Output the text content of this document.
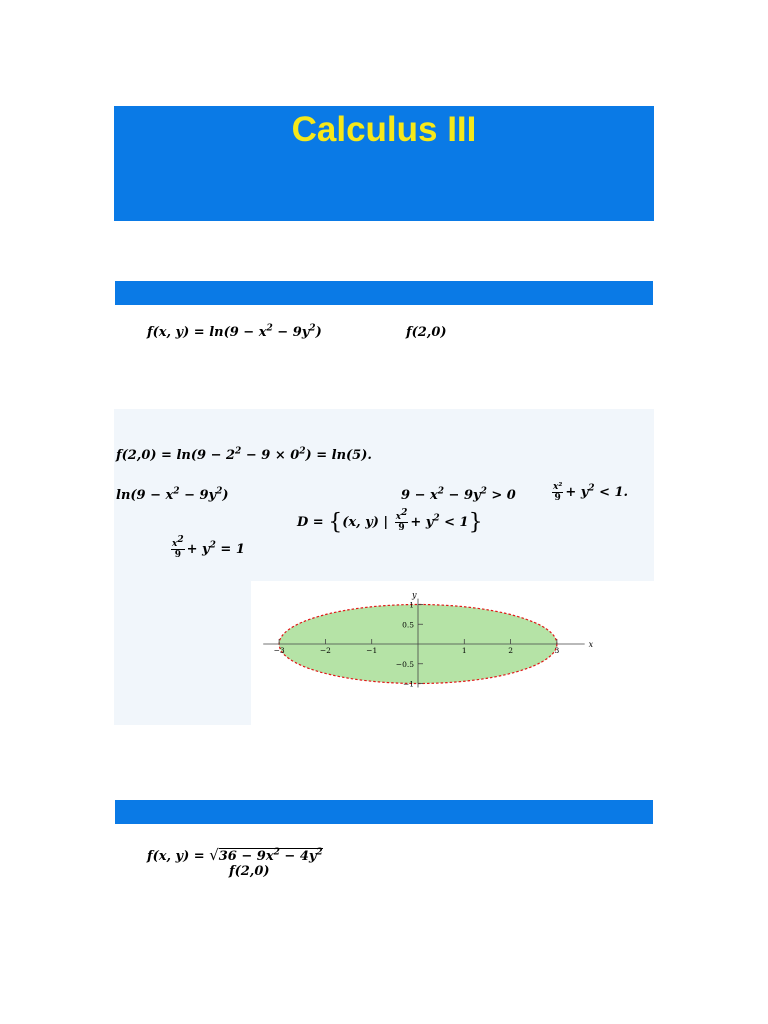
Calculus III
f(x, $y) = \ln(9 - x^2 - 9y^2)$	f(2,0)
$f(2,0) = \ln(9 - 2^2 - 9 \times 0^2) = \ln(5)$.
$\ln(9 - x^2 - 9y^2)$	$9 - x^2 - 9y^2 > 0$	$\frac{\text{x²}}{9} + y^2 < 1$.
D = {(x, y) | $\frac{x^2}{9} + y^2 < 1$}
$\frac{x^2}{9} + y^2 = 1$
−3	−2	−1	1	2	3
1
0.5
−0.5
−1
x
y
f(x, $y) = √36 - 9x^2 - 4y^2$
f(2,0)
